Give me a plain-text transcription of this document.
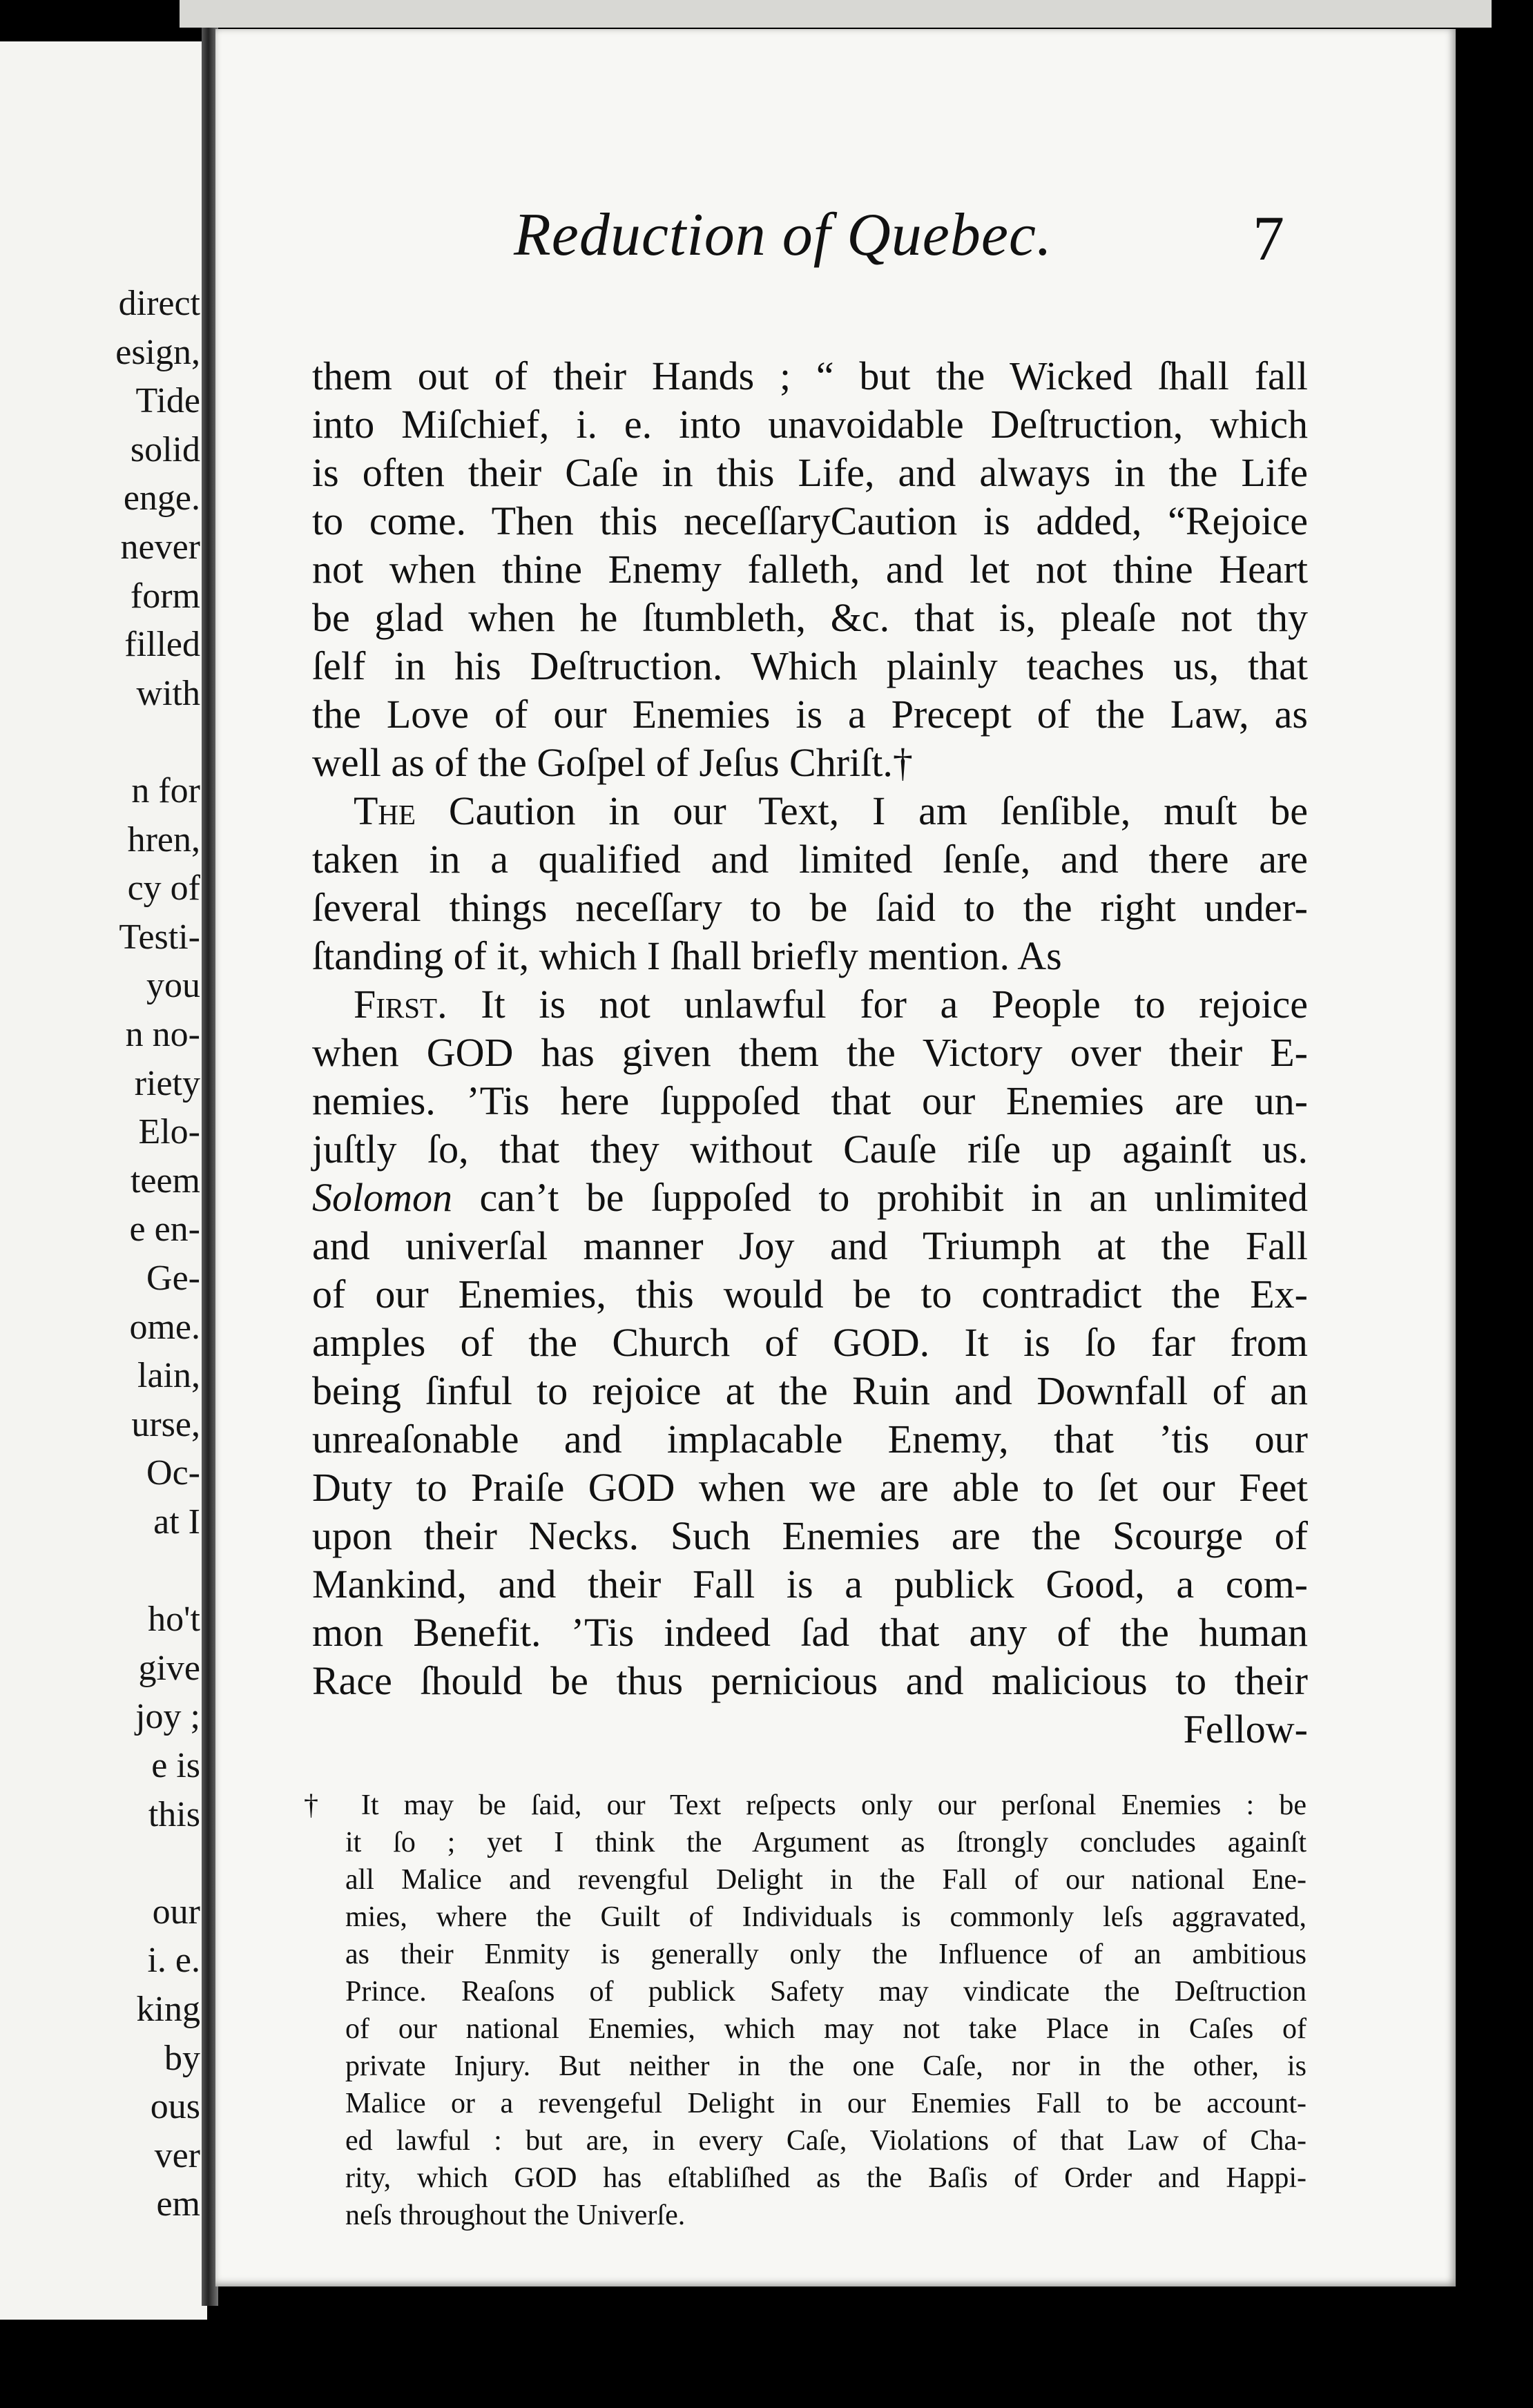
direct
esign,
Tide
solid
enge.
never
form
filled
with
n for
hren,
cy of
Testi-
you
n no-
riety
Elo-
teem
e en-
Ge-
ome.
lain,
urse,
Oc-
at I
ho't
give
joy ;
e is
this
our
i. e.
king
by
ous
ver
em
Reduction of Quebec.	7
them out of their Hands ; “ but the Wicked ſhall fall
into Miſchief, i. e. into unavoidable Deſtruction, which
is often their Caſe in this Life, and always in the Life
to come. Then this neceſſaryCaution is added, “Rejoice
not when thine Enemy falleth, and let not thine Heart
be glad when he ſtumbleth, &c. that is, pleaſe not thy
ſelf in his Deſtruction. Which plainly teaches us, that
the Love of our Enemies is a Precept of the Law, as
well as of the Goſpel of Jeſus Chriſt.†
The Caution in our Text, I am ſenſible, muſt be
taken in a qualified and limited ſenſe, and there are
ſeveral things neceſſary to be ſaid to the right under-
ſtanding of it, which I ſhall briefly mention. As
First. It is not unlawful for a People to rejoice
when GOD has given them the Victory over their E-
nemies. ’Tis here ſuppoſed that our Enemies are un-
juſtly ſo, that they without Cauſe riſe up againſt us.
Solomon can’t be ſuppoſed to prohibit in an unlimited
and univerſal manner Joy and Triumph at the Fall
of our Enemies, this would be to contradict the Ex-
amples of the Church of GOD. It is ſo far from
being ſinful to rejoice at the Ruin and Downfall of an
unreaſonable and implacable Enemy, that ’tis our
Duty to Praiſe GOD when we are able to ſet our Feet
upon their Necks. Such Enemies are the Scourge of
Mankind, and their Fall is a publick Good, a com-
mon Benefit. ’Tis indeed ſad that any of the human
Race ſhould be thus pernicious and malicious to their
Fellow-
† It may be ſaid, our Text reſpects only our perſonal Enemies : be
it ſo ; yet I think the Argument as ſtrongly concludes againſt
all Malice and revengful Delight in the Fall of our national Ene-
mies, where the Guilt of Individuals is commonly leſs aggravated,
as their Enmity is generally only the Influence of an ambitious
Prince. Reaſons of publick Safety may vindicate the Deſtruction
of our national Enemies, which may not take Place in Caſes of
private Injury. But neither in the one Caſe, nor in the other, is
Malice or a revengeful Delight in our Enemies Fall to be account-
ed lawful : but are, in every Caſe, Violations of that Law of Cha-
rity, which GOD has eſtabliſhed as the Baſis of Order and Happi-
neſs throughout the Univerſe.
